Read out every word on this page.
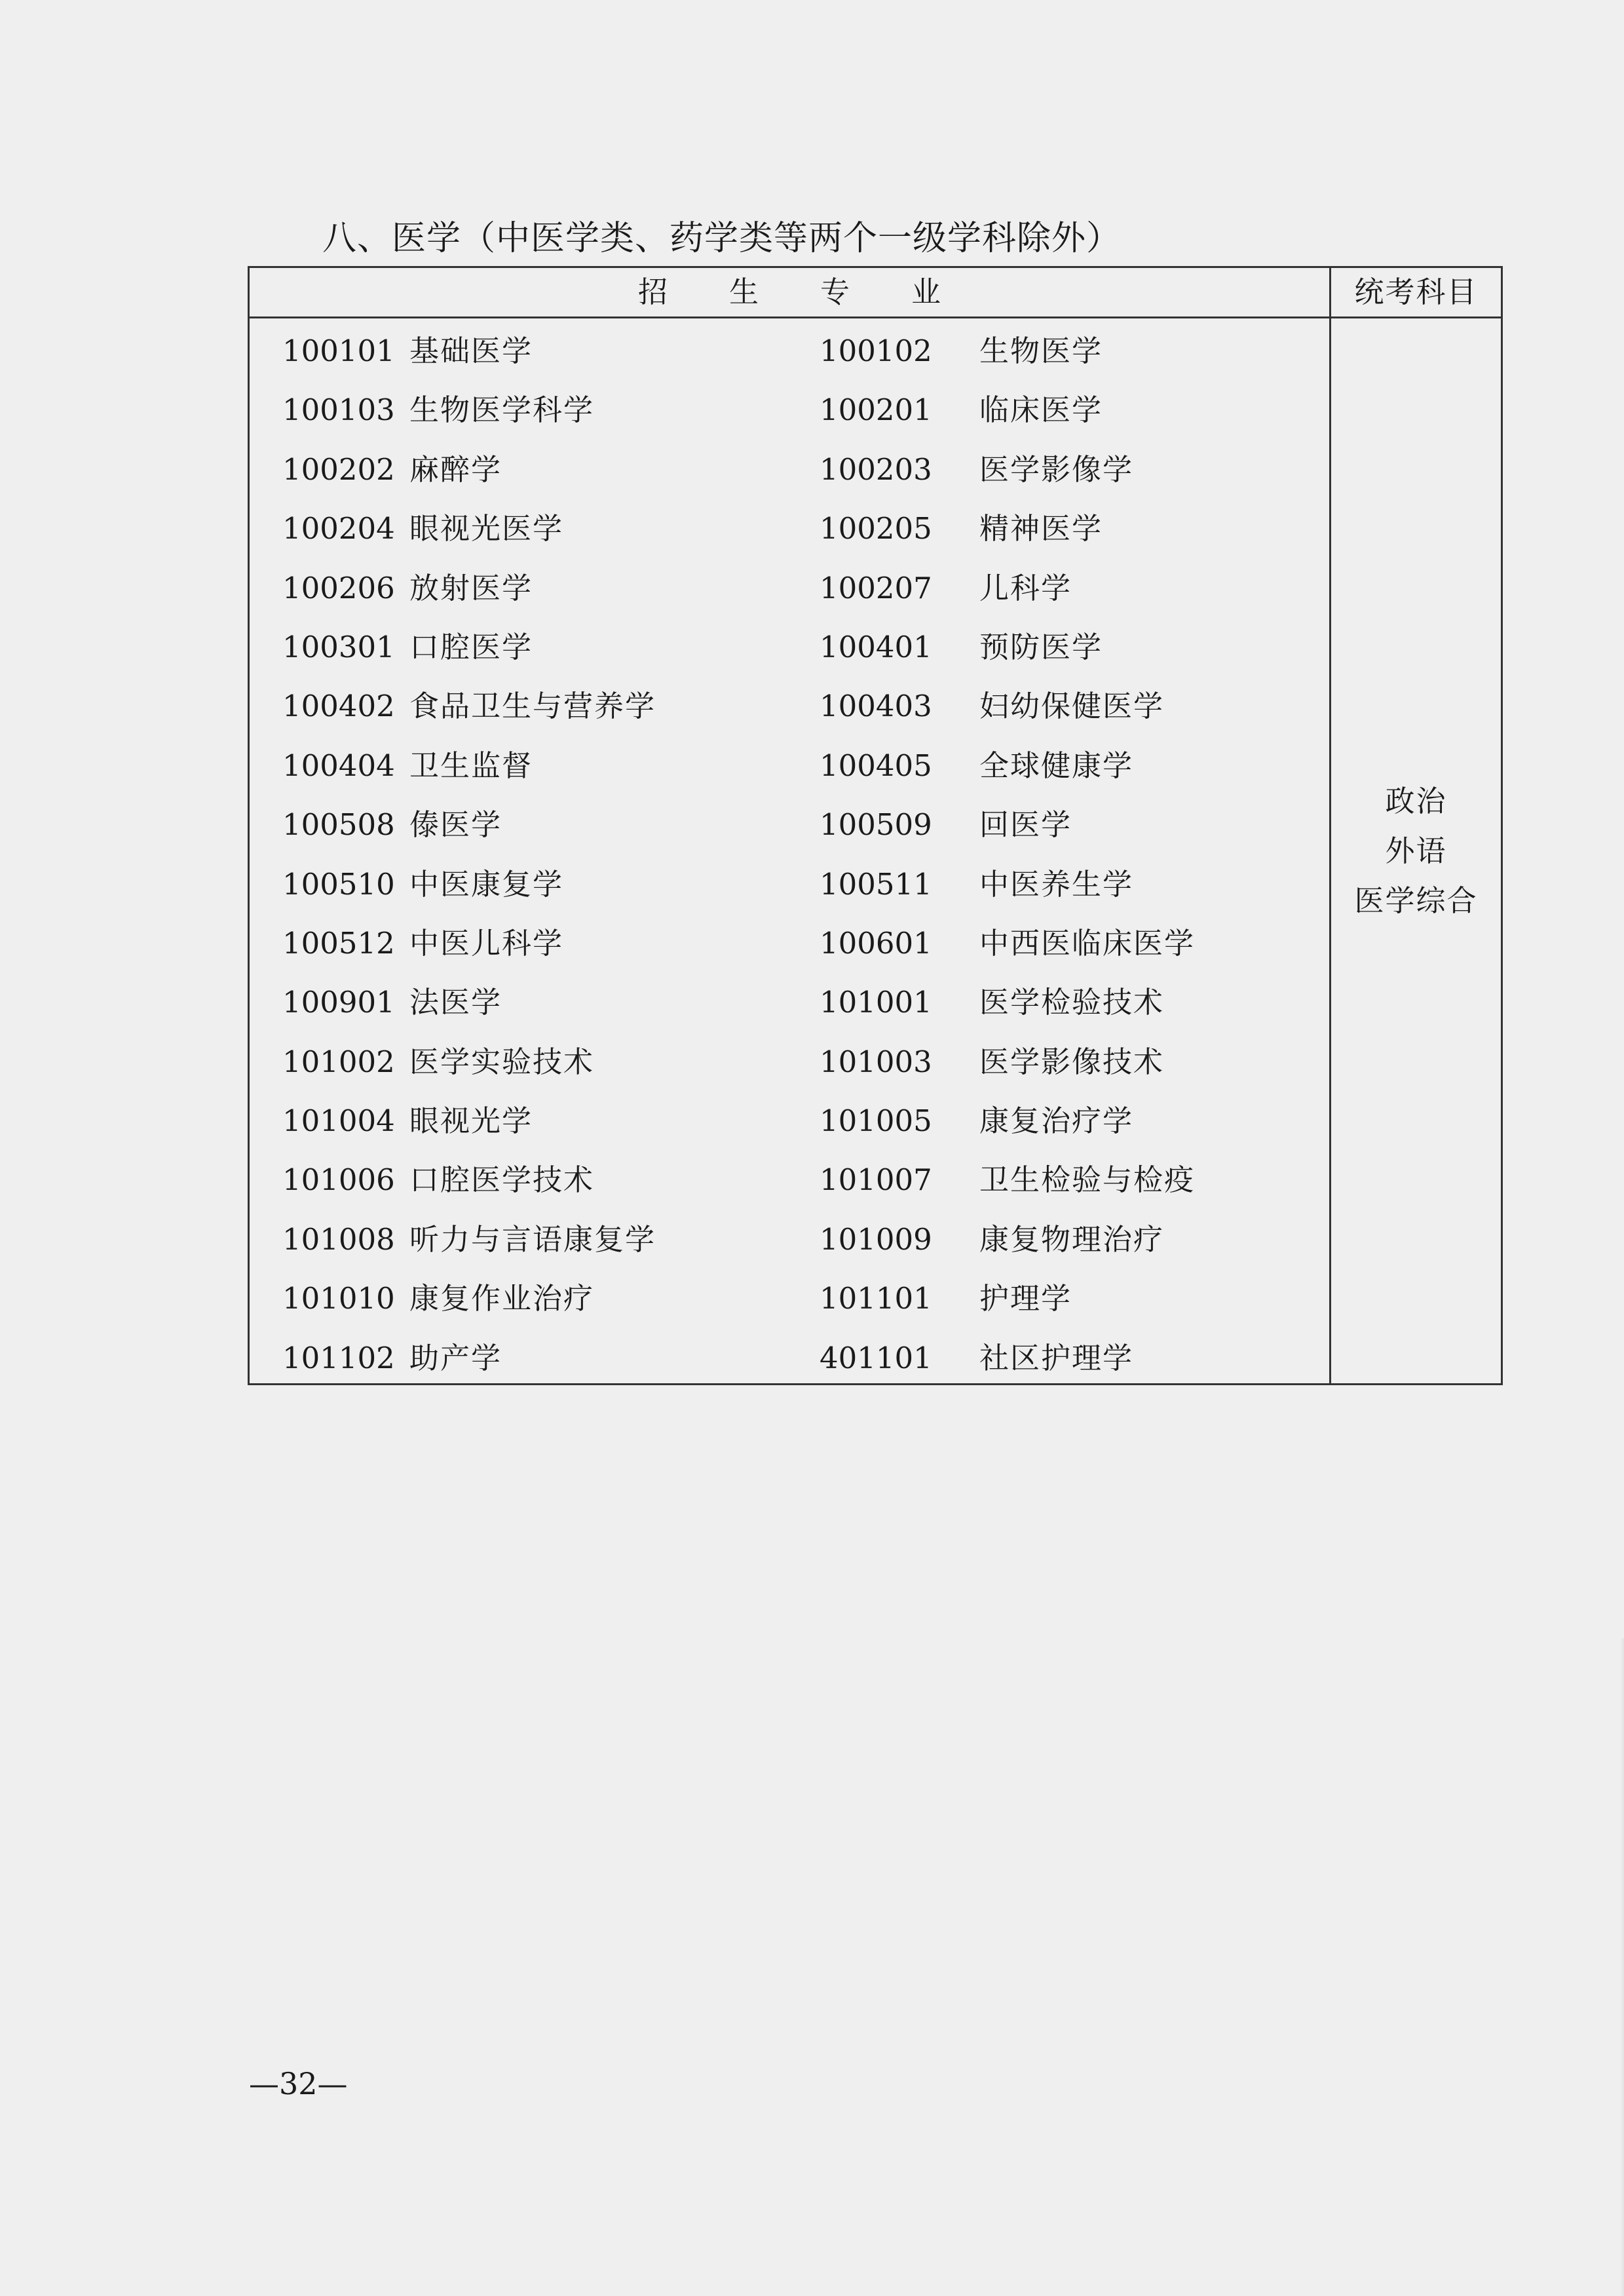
八、医学（中医学类、药学类等两个一级学科除外）
招生专业	统考科目
100101 基础医学	100102 生物医学
100103 生物医学科学	100201 临床医学
100202 麻醉学	100203 医学影像学
100204 眼视光医学	100205 精神医学
100206 放射医学	100207 儿科学
100301 口腔医学	100401 预防医学
100402 食品卫生与营养学	100403 妇幼保健医学
100404 卫生监督	100405 全球健康学
100508 傣医学	100509 回医学
100510 中医康复学	100511 中医养生学
100512 中医儿科学	100601 中西医临床医学
100901 法医学	101001 医学检验技术
101002 医学实验技术	101003 医学影像技术
101004 眼视光学	101005 康复治疗学
101006 口腔医学技术	101007 卫生检验与检疫
101008 听力与言语康复学	101009 康复物理治疗
101010 康复作业治疗	101101 护理学
101102 助产学	401101 社区护理学
政治
外语
医学综合
—32—
